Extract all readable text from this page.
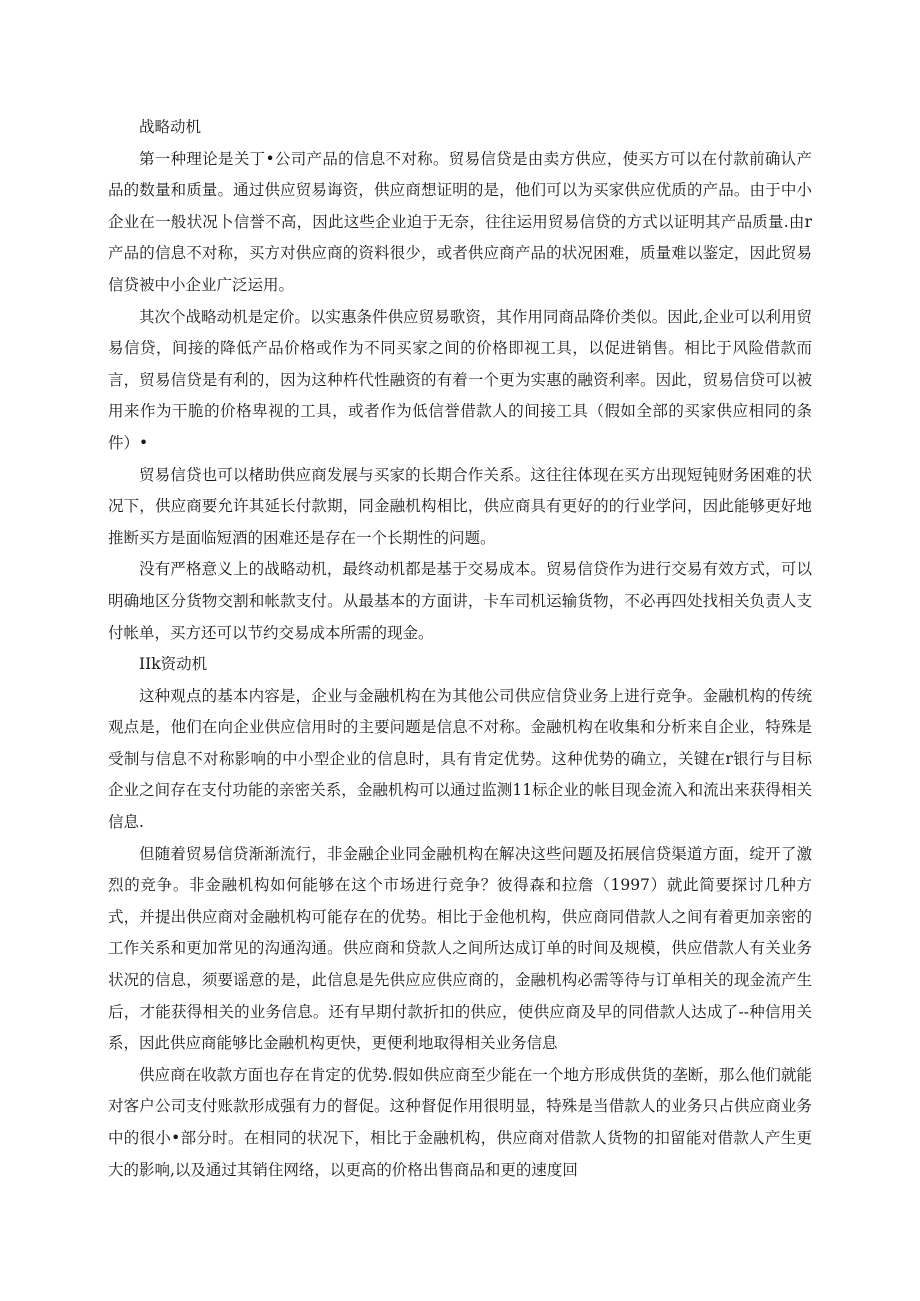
战略动机

第一种理论是关丁•公司产品的信息不对称。贸易信贷是由卖方供应，使买方可以在付款前确认产品的数量和质量。通过供应贸易诲资，供应商想证明的是，他们可以为买家供应优质的产品。由于中小企业在一般状况卜信誉不高，因此这些企业迫于无奈，往往运用贸易信贷的方式以证明其产品质量.由r产品的信息不对称，买方对供应商的资料很少，或者供应商产品的状况困难，质量难以鉴定，因此贸易信贷被中小企业广泛运用。

其次个战略动机是定价。以实惠条件供应贸易歌资，其作用同商品降价类似。因此,企业可以利用贸易信贷，间接的降低产品价格或作为不同买家之间的价格即视工具，以促进销售。相比于风险借款而言，贸易信贷是有利的，因为这种杵代性融资的有着一个更为实惠的融资利率。因此，贸易信贷可以被用来作为干脆的价格卑视的工具，或者作为低信誉借款人的间接工具（假如全部的买家供应相同的条件）•

贸易信贷也可以楮助供应商发展与买家的长期合作关系。这往往体现在买方出现短钝财务困难的状况下，供应商要允许其延长付款期，同金融机构相比，供应商具有更好的的行业学问，因此能够更好地推断买方是面临短酒的困难还是存在一个长期性的问题。

没有严格意义上的战略动机，最终动机都是基于交易成本。贸易信贷作为进行交易有效方式，可以明确地区分货物交割和帐款支付。从最基本的方面讲，卡车司机运输货物，不必再四处找相关负责人支付帐单，买方还可以节约交易成本所需的现金。

IIk资动机

这种观点的基本内容是，企业与金融机构在为其他公司供应信贷业务上进行竞争。金融机构的传统观点是，他们在向企业供应信用时的主要问题是信息不对称。金融机构在收集和分析来自企业，特殊是受制与信息不对称影响的中小型企业的信息时，具有肯定优势。这种优势的确立，关键在r银行与目标企业之间存在支付功能的亲密关系，金融机构可以通过监测11标企业的帐目现金流入和流出来获得相关信息.

但随着贸易信贷渐渐流行，非金融企业同金融机构在解决这些问题及拓展信贷渠道方面，绽开了激烈的竞争。非金融机构如何能够在这个市场进行竞争？彼得森和拉詹（1997）就此简要探讨几种方式，并提出供应商对金融机构可能存在的优势。相比于金他机构，供应商同借款人之间有着更加亲密的工作关系和更加常见的沟通沟通。供应商和贷款人之间所达成订单的时间及规模，供应借款人有关业务状况的信息，须要谣意的是，此信息是先供应应供应商的，金融机构必需等待与订单相关的现金流产生后，才能获得相关的业务信息。还有早期付款折扣的供应，使供应商及早的同借款人达成了--种信用关系，因此供应商能够比金融机构更快，更便利地取得相关业务信息

供应商在收款方面也存在肯定的优势.假如供应商至少能在一个地方形成供货的垄断，那么他们就能对客户公司支付账款形成强有力的督促。这种督促作用很明显，特殊是当借款人的业务只占供应商业务中的很小•部分时。在相同的状况下，相比于金融机构，供应商对借款人货物的扣留能对借款人产生更大的影响,以及通过其销住网络，以更高的价格出售商品和更的速度回
